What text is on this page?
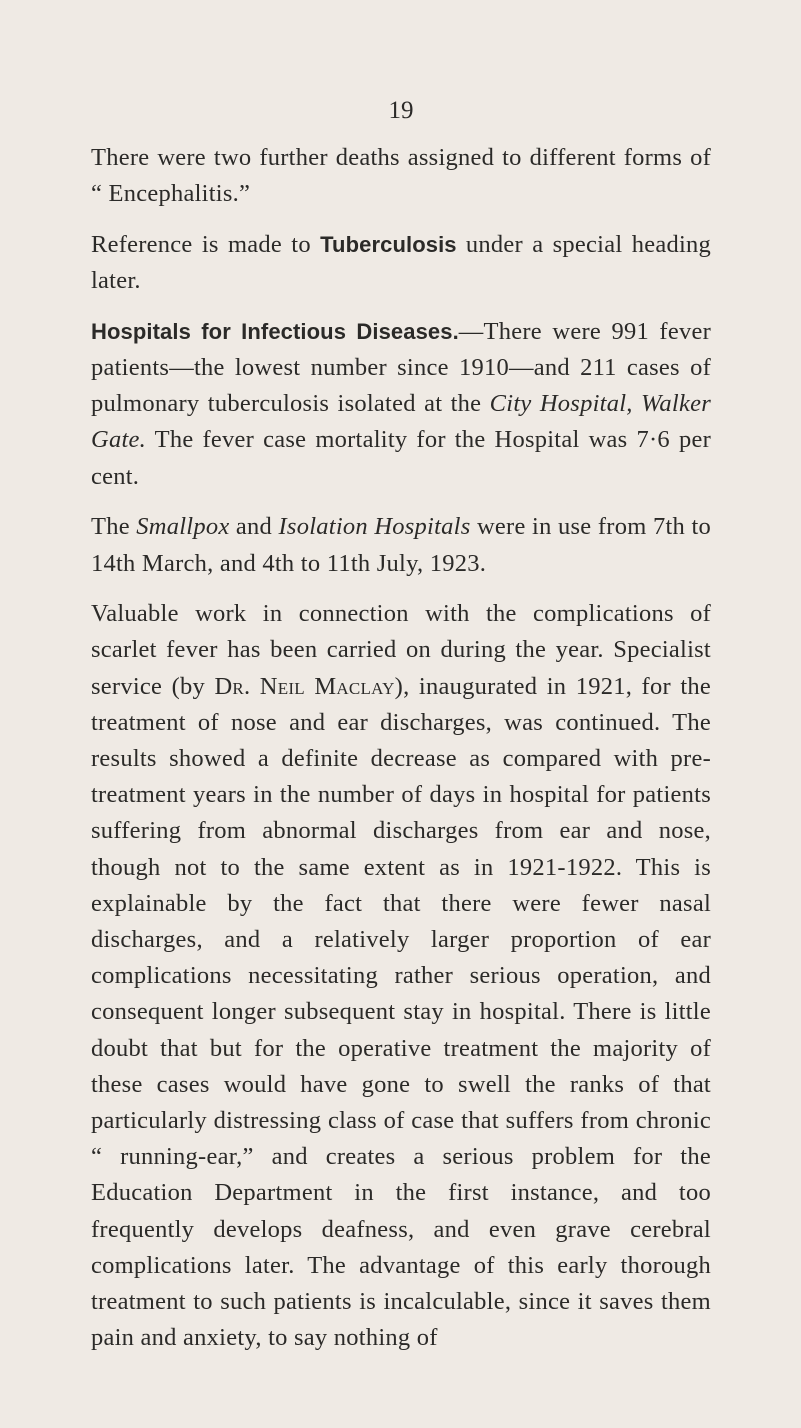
19

There were two further deaths assigned to different forms of “ Encephalitis.”

Reference is made to Tuberculosis under a special heading later.

Hospitals for Infectious Diseases.—There were 991 fever patients—the lowest number since 1910—and 211 cases of pulmonary tuberculosis isolated at the City Hospital, Walker Gate. The fever case mortality for the Hospital was 7·6 per cent.

The Smallpox and Isolation Hospitals were in use from 7th to 14th March, and 4th to 11th July, 1923.

Valuable work in connection with the complications of scarlet fever has been carried on during the year. Specialist service (by Dr. Neil Maclay), inaugurated in 1921, for the treatment of nose and ear discharges, was continued. The results showed a definite decrease as compared with pre-treatment years in the number of days in hospital for patients suffering from abnormal discharges from ear and nose, though not to the same extent as in 1921-1922. This is explainable by the fact that there were fewer nasal discharges, and a relatively larger proportion of ear complications necessitating rather serious operation, and consequent longer subsequent stay in hospital. There is little doubt that but for the operative treatment the majority of these cases would have gone to swell the ranks of that particularly distressing class of case that suffers from chronic “ running-ear,” and creates a serious problem for the Education Department in the first instance, and too frequently develops deafness, and even grave cerebral complications later. The advantage of this early thorough treatment to such patients is incalculable, since it saves them pain and anxiety, to say nothing of
